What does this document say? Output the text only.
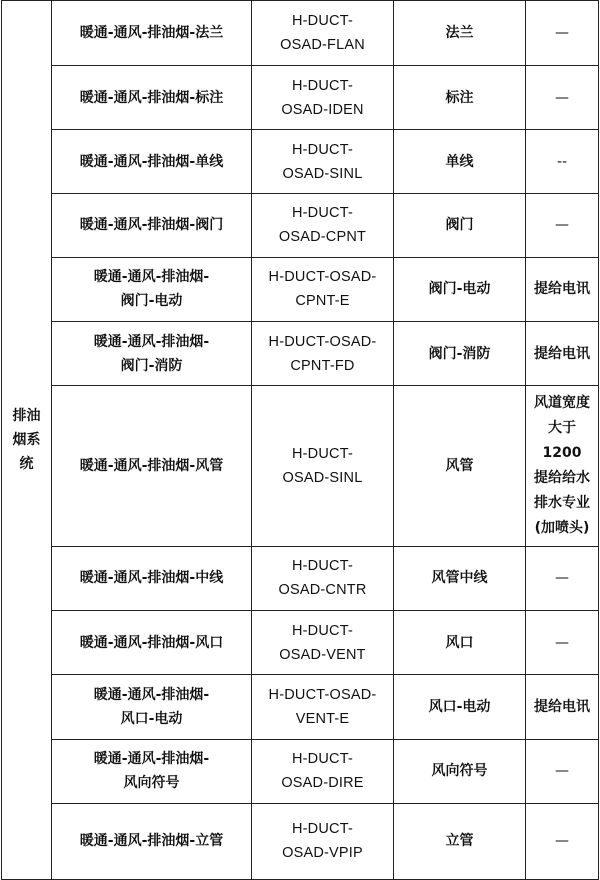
排油
烟系
统	暖通-通风-排油烟-法兰	H-DUCT-
OSAD-FLAN	法兰	—

	暖通-通风-排油烟-标注	H-DUCT-
OSAD-IDEN	标注	—

	暖通-通风-排油烟-单线	H-DUCT-
OSAD-SINL	单线	--

	暖通-通风-排油烟-阀门	H-DUCT-
OSAD-CPNT	阀门	—

	暖通-通风-排油烟-
阀门-电动	H-DUCT-OSAD-
CPNT-E	阀门-电动	提给电讯

	暖通-通风-排油烟-
阀门-消防	H-DUCT-OSAD-
CPNT-FD	阀门-消防	提给电讯

	暖通-通风-排油烟-风管	H-DUCT-
OSAD-SINL	风管	风道宽度
大于 1200
提给给水
排水专业
(加喷头)

	暖通-通风-排油烟-中线	H-DUCT-
OSAD-CNTR	风管中线	—

	暖通-通风-排油烟-风口	H-DUCT-
OSAD-VENT	风口	—

	暖通-通风-排油烟-
风口-电动	H-DUCT-OSAD-
VENT-E	风口-电动	提给电讯

	暖通-通风-排油烟-
风向符号	H-DUCT-
OSAD-DIRE	风向符号	—

	暖通-通风-排油烟-立管	H-DUCT-
OSAD-VPIP	立管	—
